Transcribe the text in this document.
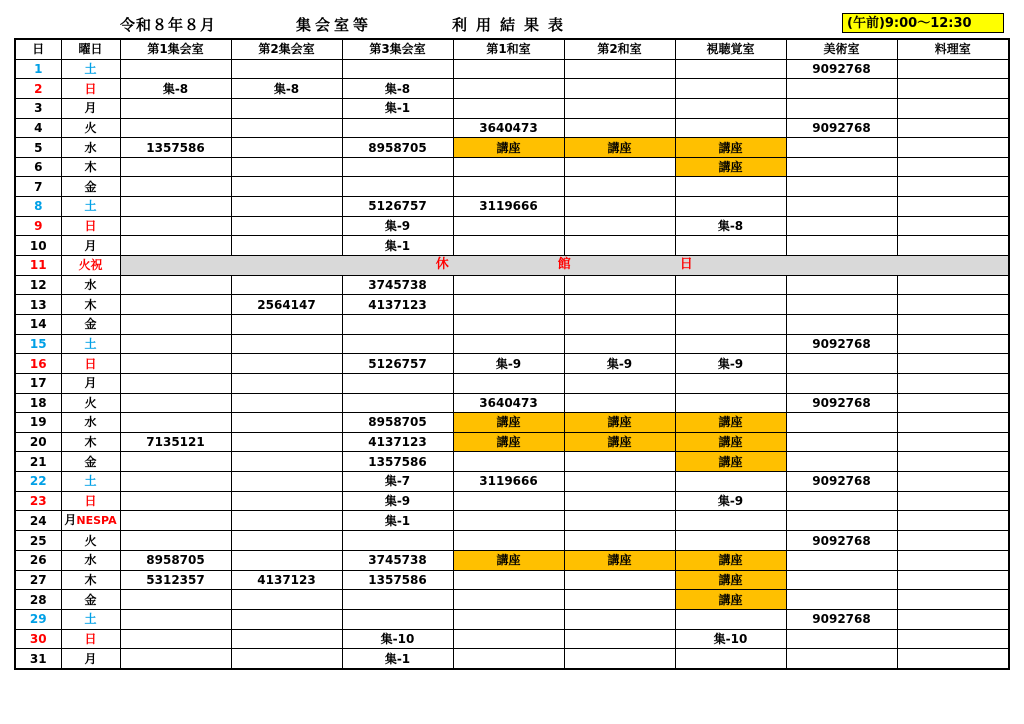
令和８年８月	集会室等	利用結果表	(午前)9:00～12:30
日	曜日	第1集会室	第2集会室	第3集会室	第1和室	第2和室	視聴覚室	美術室	料理室
1	土							9092768	
2	日	集-8	集-8	集-8					
3	月			集-1					
4	火				3640473			9092768	
5	水	1357586		8958705	講座	講座	講座		
6	木						講座		
7	金								
8	土			5126757	3119666				
9	日			集-9			集-8		
10	月			集-1					
11	火祝	休 館 日							
12	水			3745738					
13	木		2564147	4137123					
14	金								
15	土							9092768	
16	日			5126757	集-9	集-9	集-9		
17	月								
18	火				3640473			9092768	
19	水			8958705	講座	講座	講座		
20	木	7135121		4137123	講座	講座	講座		
21	金			1357586			講座		
22	土			集-7	3119666			9092768	
23	日			集-9			集-9		
24	月NESPA			集-1					
25	火							9092768	
26	水	8958705		3745738	講座	講座	講座		
27	木	5312357	4137123	1357586			講座		
28	金						講座		
29	土							9092768	
30	日			集-10			集-10		
31	月			集-1					
